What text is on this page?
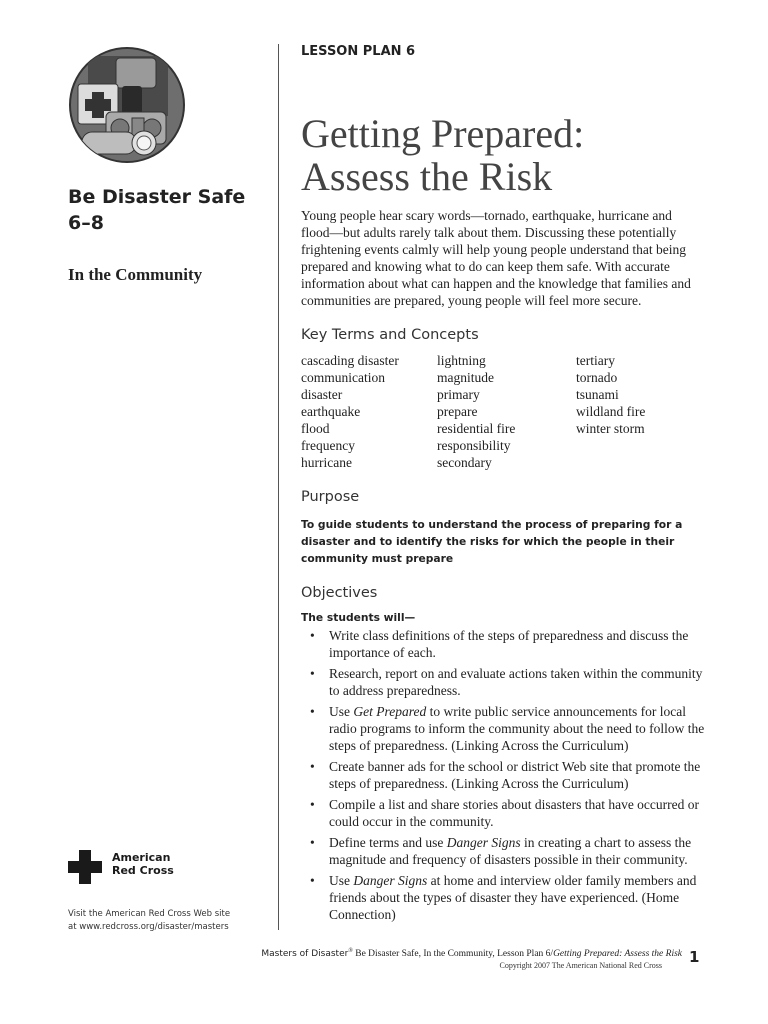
Be Disaster Safe
6–8
In the Community
American
Red Cross
Visit the American Red Cross Web site
at www.redcross.org/disaster/masters
LESSON PLAN 6
Getting Prepared:
Assess the Risk

Young people hear scary words—tornado, earthquake, hurricane and flood—but adults rarely talk about them. Discussing these potentially frightening events calmly will help young people understand that being prepared and knowing what to do can keep them safe. With accurate information about what can happen and the knowledge that families and communities are prepared, young people will feel more secure.

Key Terms and Concepts
cascading disaster
communication
disaster
earthquake
flood
frequency
hurricane
lightning
magnitude
primary
prepare
residential fire
responsibility
secondary
tertiary
tornado
tsunami
wildland fire
winter storm
Purpose

To guide students to understand the process of preparing for a disaster and to identify the risks for which the people in their community must prepare

Objectives
The students will—
• Write class definitions of the steps of preparedness and discuss the importance of each.
• Research, report on and evaluate actions taken within the community to address preparedness.
• Use Get Prepared to write public service announcements for local radio programs to inform the community about the need to follow the steps of preparedness. (Linking Across the Curriculum)
• Create banner ads for the school or district Web site that promote the steps of preparedness. (Linking Across the Curriculum)
• Compile a list and share stories about disasters that have occurred or could occur in the community.
• Define terms and use Danger Signs in creating a chart to assess the magnitude and frequency of disasters possible in their community.
• Use Danger Signs at home and interview older family members and friends about the types of disaster they have experienced. (Home Connection)
Masters of Disaster® Be Disaster Safe, In the Community, Lesson Plan 6/Getting Prepared: Assess the Risk
Copyright 2007 The American National Red Cross 1
